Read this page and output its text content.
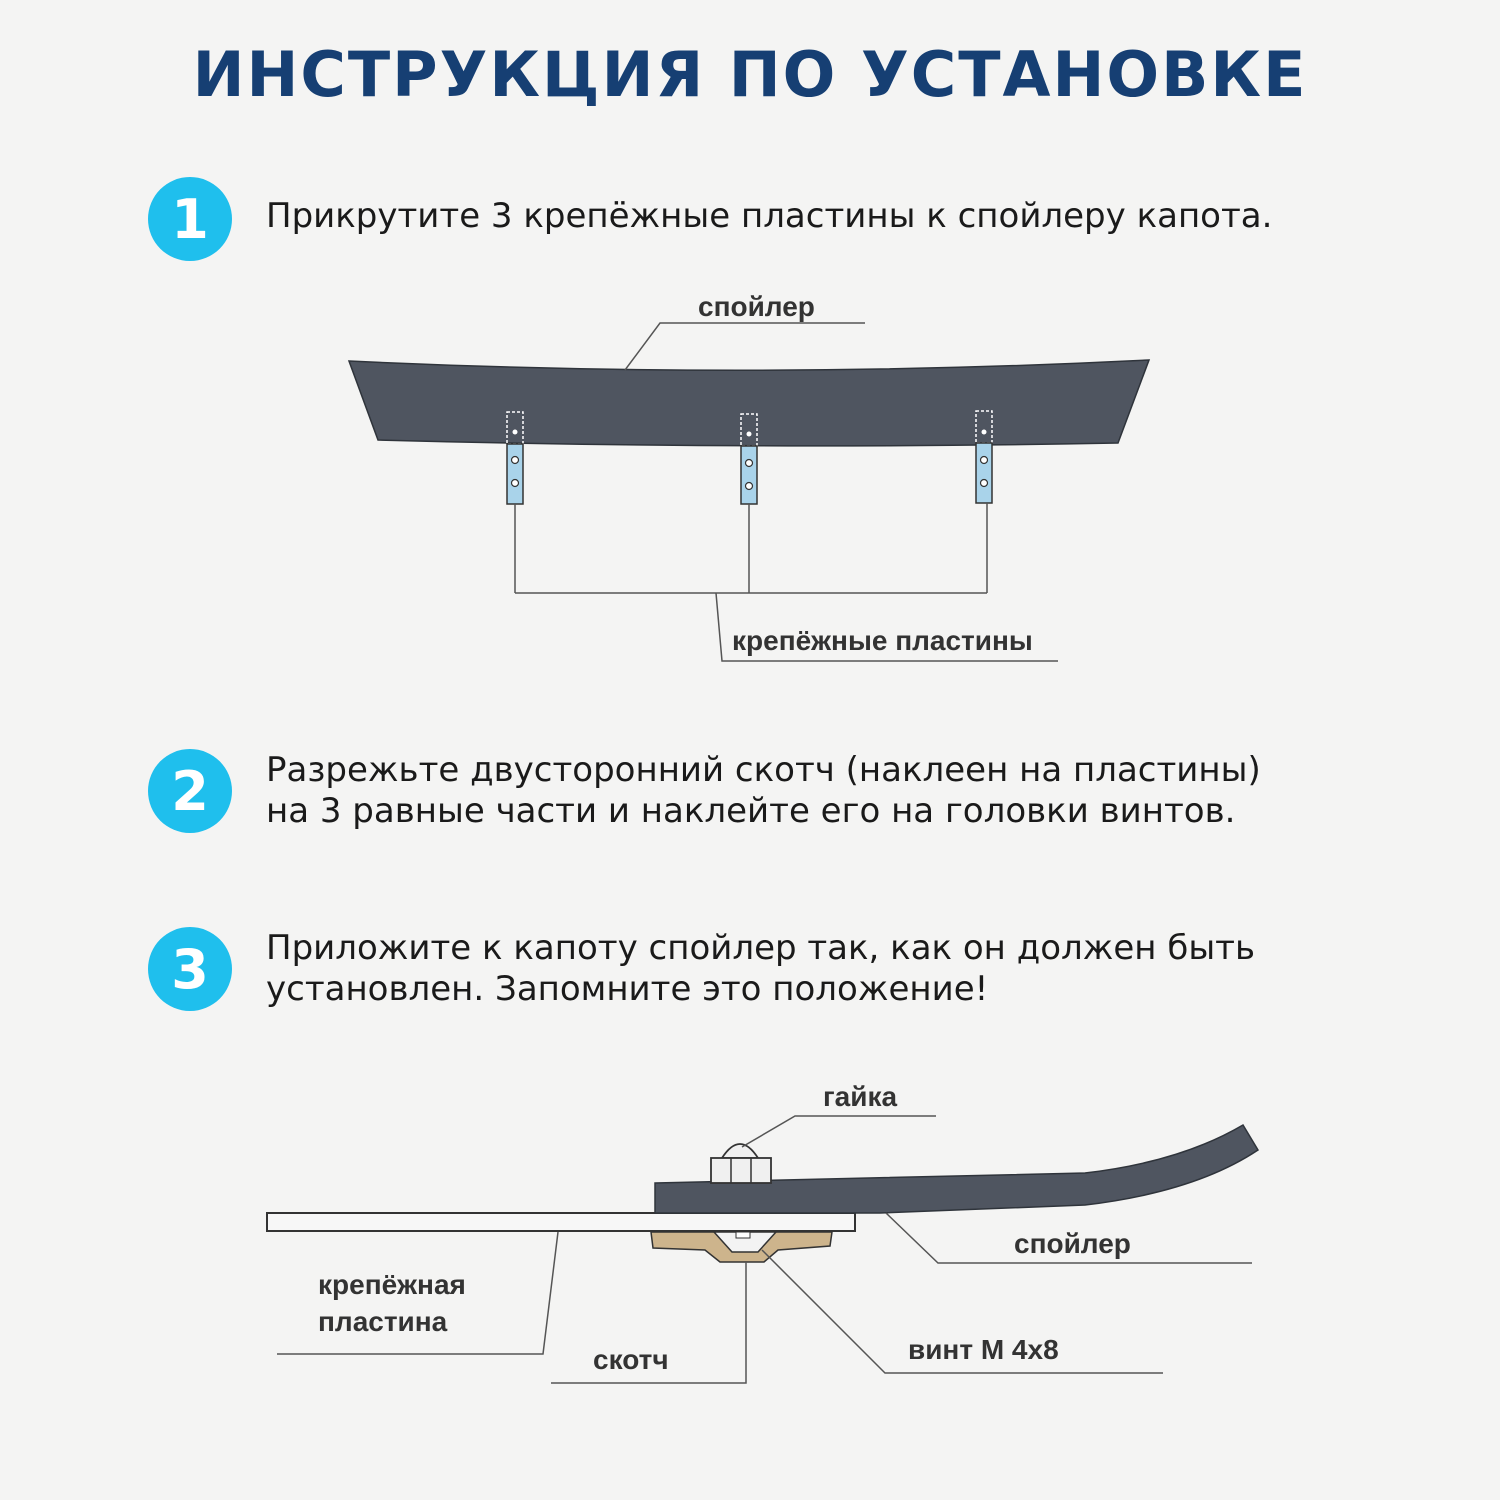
ИНСТРУКЦИЯ ПО УСТАНОВКЕ
1	Прикрутите 3 крепёжные пластины к спойлеру капота.
2	Разрежьте двусторонний скотч (наклеен на пластины)
на 3 равные части и наклейте его на головки винтов.
3	Приложите к капоту спойлер так, как он должен быть
установлен. Запомните это положение!
спойлер
крепёжные пластины
гайка
спойлер
крепёжная
пластина
скотч	винт М 4х8
